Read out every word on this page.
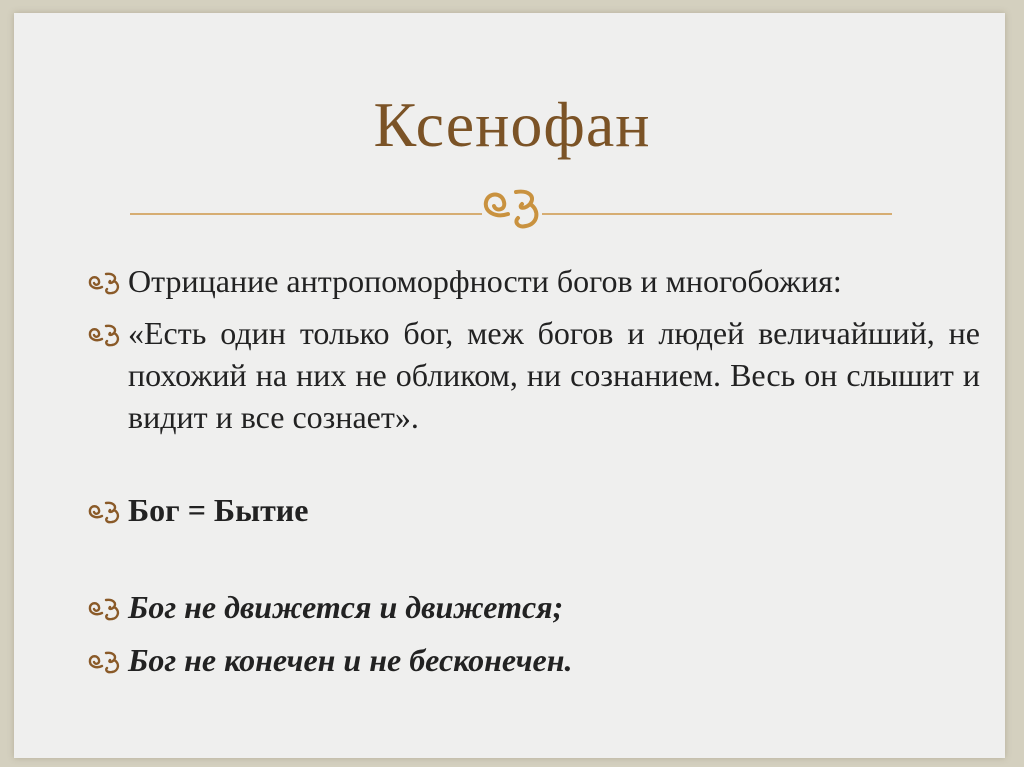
Ксенофан
Отрицание антропоморфности богов и многобожия:
«Есть один только бог, меж богов и людей величайший, не похожий на них не обликом, ни сознанием. Весь он слышит и видит и все сознает».
Бог = Бытие
Бог не движется и движется;
Бог не конечен и не бесконечен.
